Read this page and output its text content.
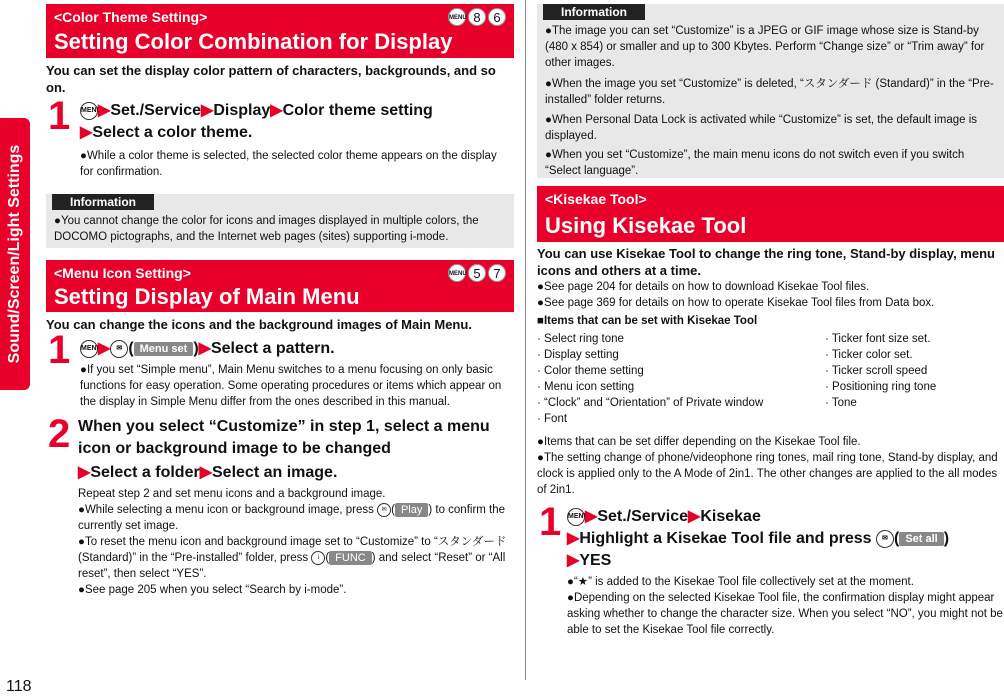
Sound/Screen/Light Settings
118
<Color Theme Setting>
Setting Color Combination for Display
MENU 8 6
You can set the display color pattern of characters, backgrounds, and so on.
1 MENU▶Set./Service▶Display▶Color theme setting
▶Select a color theme.
●While a color theme is selected, the selected color theme appears on the display for confirmation.
Information
●You cannot change the color for icons and images displayed in multiple colors, the DOCOMO pictographs, and the Internet web pages (sites) supporting i-mode.
<Menu Icon Setting>
Setting Display of Main Menu
MENU 5 7
You can change the icons and the background images of Main Menu.
1 MENU▶ ✉ ( Menu set )▶Select a pattern.
●If you set “Simple menu”, Main Menu switches to a menu focusing on only basic functions for easy operation. Some operating procedures or items which appear on the display in Simple Menu differ from the ones described in this manual.
2 When you select “Customize” in step 1, select a menu
icon or background image to be changed
▶Select a folder▶Select an image.
Repeat step 2 and set menu icons and a background image.
●While selecting a menu icon or background image, press ✉ ( Play ) to confirm the currently set image.
●To reset the menu icon and background image set to “Customize” to “スタンダード (Standard)” in the “Pre-installed” folder, press i ( FUNC ) and select “Reset” or “All reset”, then select “YES”.
●See page 205 when you select “Search by i-mode”.
Information
●The image you can set “Customize” is a JPEG or GIF image whose size is Stand-by (480 x 854) or smaller and up to 300 Kbytes. Perform “Change size” or “Trim away” for other images.
●When the image you set “Customize” is deleted, “スタンダード (Standard)” in the “Pre-installed” folder returns.
●When Personal Data Lock is activated while “Customize” is set, the default image is displayed.
●When you set “Customize”, the main menu icons do not switch even if you switch “Select language”.
<Kisekae Tool>
Using Kisekae Tool
You can use Kisekae Tool to change the ring tone, Stand-by display, menu icons and others at a time.
●See page 204 for details on how to download Kisekae Tool files.
●See page 369 for details on how to operate Kisekae Tool files from Data box.
■Items that can be set with Kisekae Tool
· Select ring tone
· Display setting
· Color theme setting
· Menu icon setting
· “Clock” and “Orientation” of Private window
· Font
· Ticker font size set.
· Ticker color set.
· Ticker scroll speed
· Positioning ring tone
· Tone
●Items that can be set differ depending on the Kisekae Tool file.
●The setting change of phone/videophone ring tones, mail ring tone, Stand-by display, and clock is applied only to the A Mode of 2in1. The other changes are applied to the all modes of 2in1.
1 MENU▶Set./Service▶Kisekae
▶Highlight a Kisekae Tool file and press ✉ ( Set all )
▶YES
●“★” is added to the Kisekae Tool file collectively set at the moment.
●Depending on the selected Kisekae Tool file, the confirmation display might appear asking whether to change the character size. When you select “NO”, you might not be able to set the Kisekae Tool file correctly.
